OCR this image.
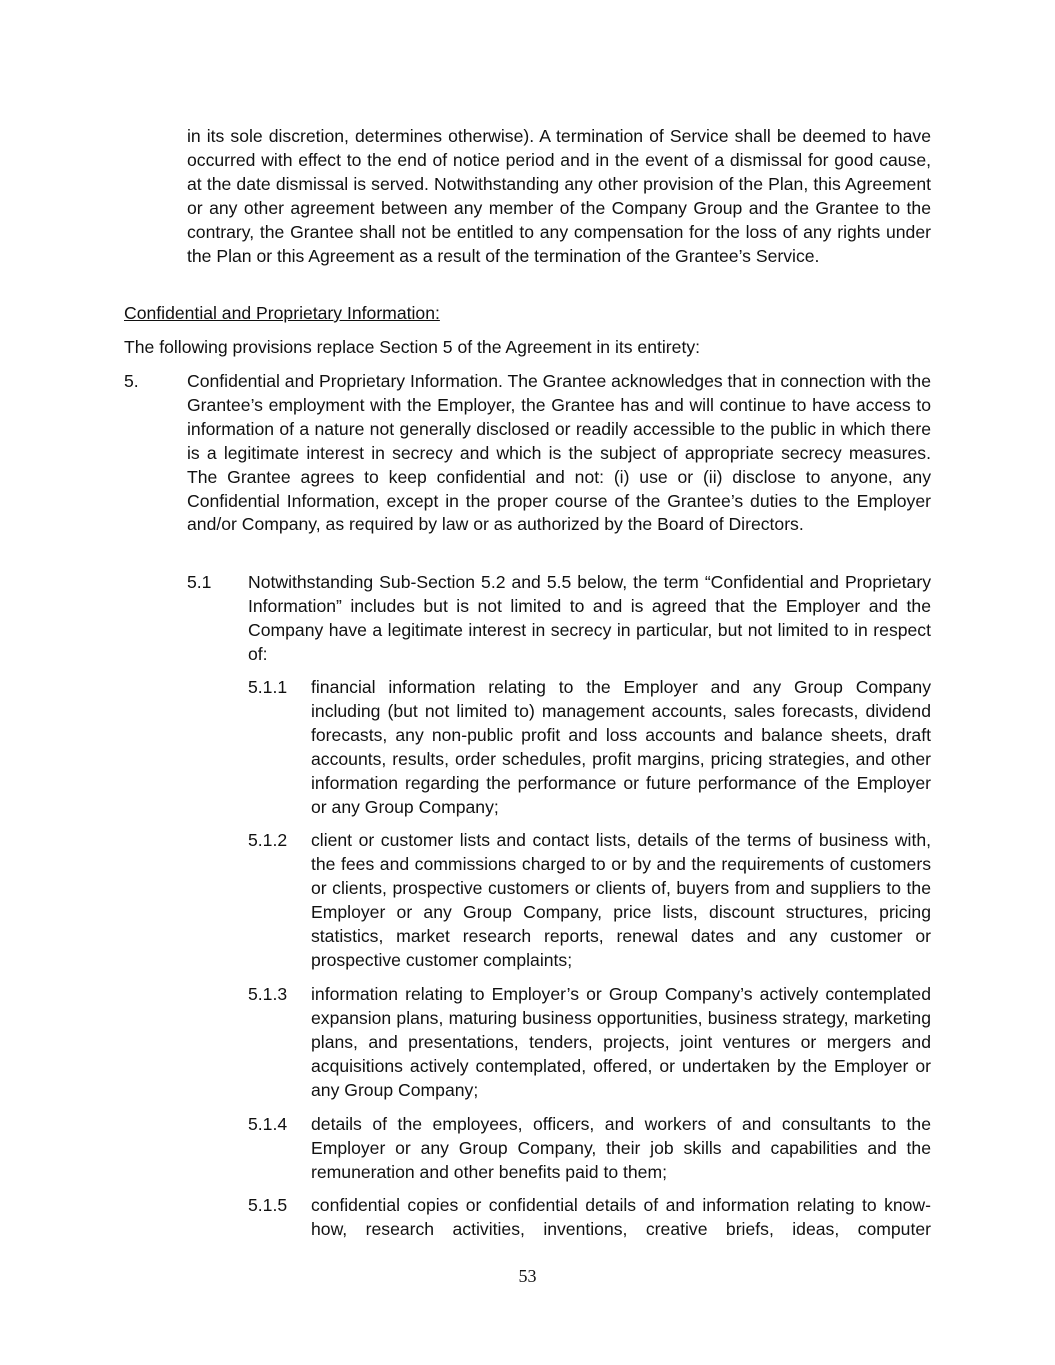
in its sole discretion, determines otherwise). A termination of Service shall be deemed to have occurred with effect to the end of notice period and in the event of a dismissal for good cause, at the date dismissal is served. Notwithstanding any other provision of the Plan, this Agreement or any other agreement between any member of the Company Group and the Grantee to the contrary, the Grantee shall not be entitled to any compensation for the loss of any rights under the Plan or this Agreement as a result of the termination of the Grantee’s Service.

Confidential and Proprietary Information:

The following provisions replace Section 5 of the Agreement in its entirety:

5.	Confidential and Proprietary Information. The Grantee acknowledges that in connection with the Grantee’s employment with the Employer, the Grantee has and will continue to have access to information of a nature not generally disclosed or readily accessible to the public in which there is a legitimate interest in secrecy and which is the subject of appropriate secrecy measures. The Grantee agrees to keep confidential and not: (i) use or (ii) disclose to anyone, any Confidential Information, except in the proper course of the Grantee’s duties to the Employer and/or Company, as required by law or as authorized by the Board of Directors.

5.1 Notwithstanding Sub-Section 5.2 and 5.5 below, the term “Confidential and Proprietary Information” includes but is not limited to and is agreed that the Employer and the Company have a legitimate interest in secrecy in particular, but not limited to in respect of:

5.1.1 financial information relating to the Employer and any Group Company including (but not limited to) management accounts, sales forecasts, dividend forecasts, any non-public profit and loss accounts and balance sheets, draft accounts, results, order schedules, profit margins, pricing strategies, and other information regarding the performance or future performance of the Employer or any Group Company;

5.1.2 client or customer lists and contact lists, details of the terms of business with, the fees and commissions charged to or by and the requirements of customers or clients, prospective customers or clients of, buyers from and suppliers to the Employer or any Group Company, price lists, discount structures, pricing statistics, market research reports, renewal dates and any customer or prospective customer complaints;

5.1.3 information relating to Employer’s or Group Company’s actively contemplated expansion plans, maturing business opportunities, business strategy, marketing plans, and presentations, tenders, projects, joint ventures or mergers and acquisitions actively contemplated, offered, or undertaken by the Employer or any Group Company;

5.1.4 details of the employees, officers, and workers of and consultants to the Employer or any Group Company, their job skills and capabilities and the remuneration and other benefits paid to them;

5.1.5 confidential copies or confidential details of and information relating to know-how, research activities, inventions, creative briefs, ideas, computer

53
